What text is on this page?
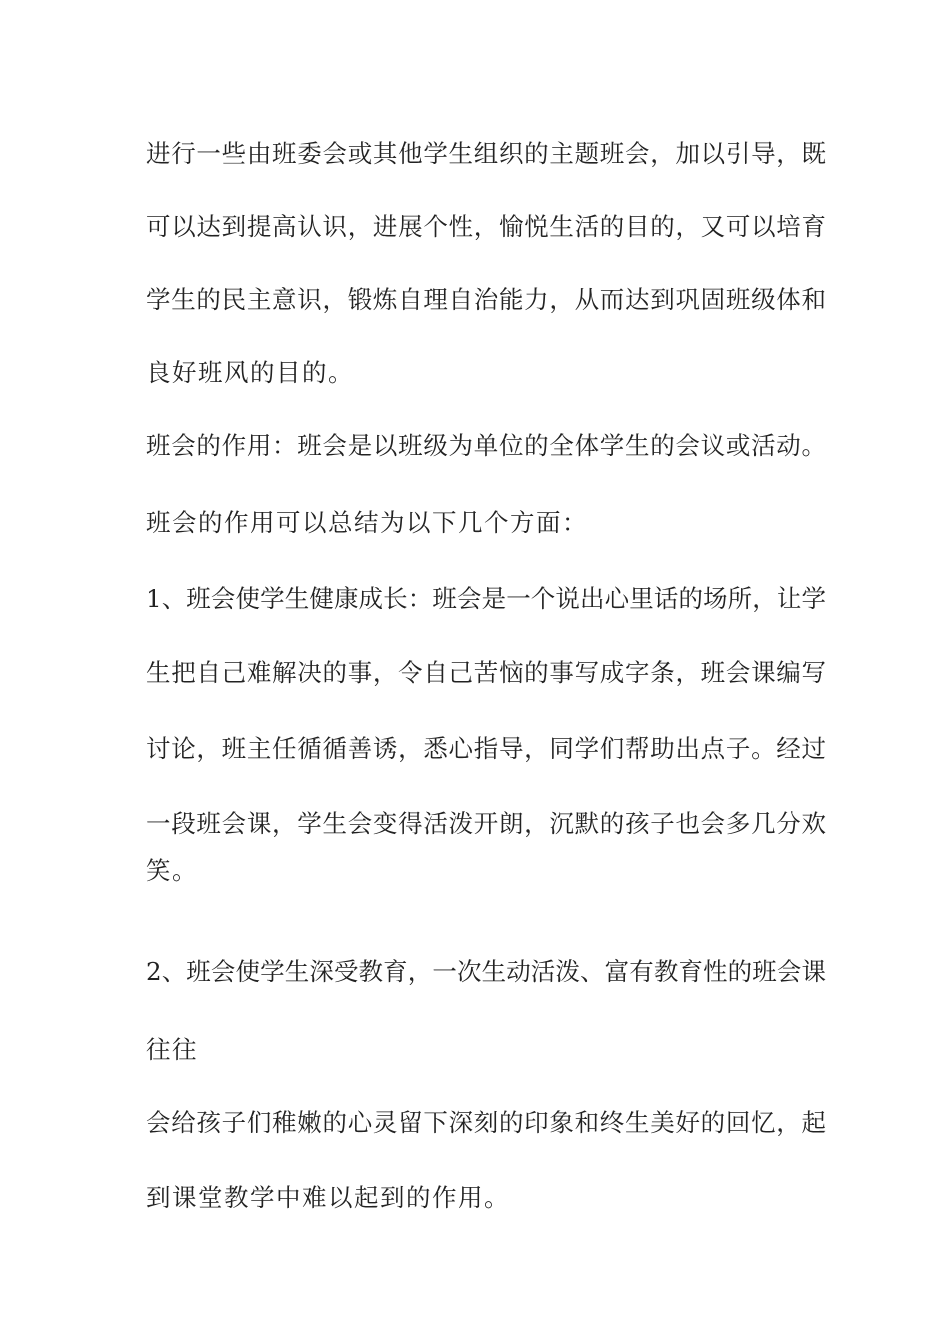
进行一些由班委会或其他学生组织的主题班会，加以引导，既
可以达到提高认识，进展个性，愉悦生活的目的，又可以培育
学生的民主意识，锻炼自理自治能力，从而达到巩固班级体和
良好班风的目的。
班会的作用：班会是以班级为单位的全体学生的会议或活动。
班会的作用可以总结为以下几个方面：
1、班会使学生健康成长：班会是一个说出心里话的场所，让学
生把自己难解决的事，令自己苦恼的事写成字条，班会课编写
讨论，班主任循循善诱，悉心指导，同学们帮助出点子。经过
一段班会课，学生会变得活泼开朗，沉默的孩子也会多几分欢
笑。
2、班会使学生深受教育，一次生动活泼、富有教育性的班会课
往往
会给孩子们稚嫩的心灵留下深刻的印象和终生美好的回忆，起
到课堂教学中难以起到的作用。
